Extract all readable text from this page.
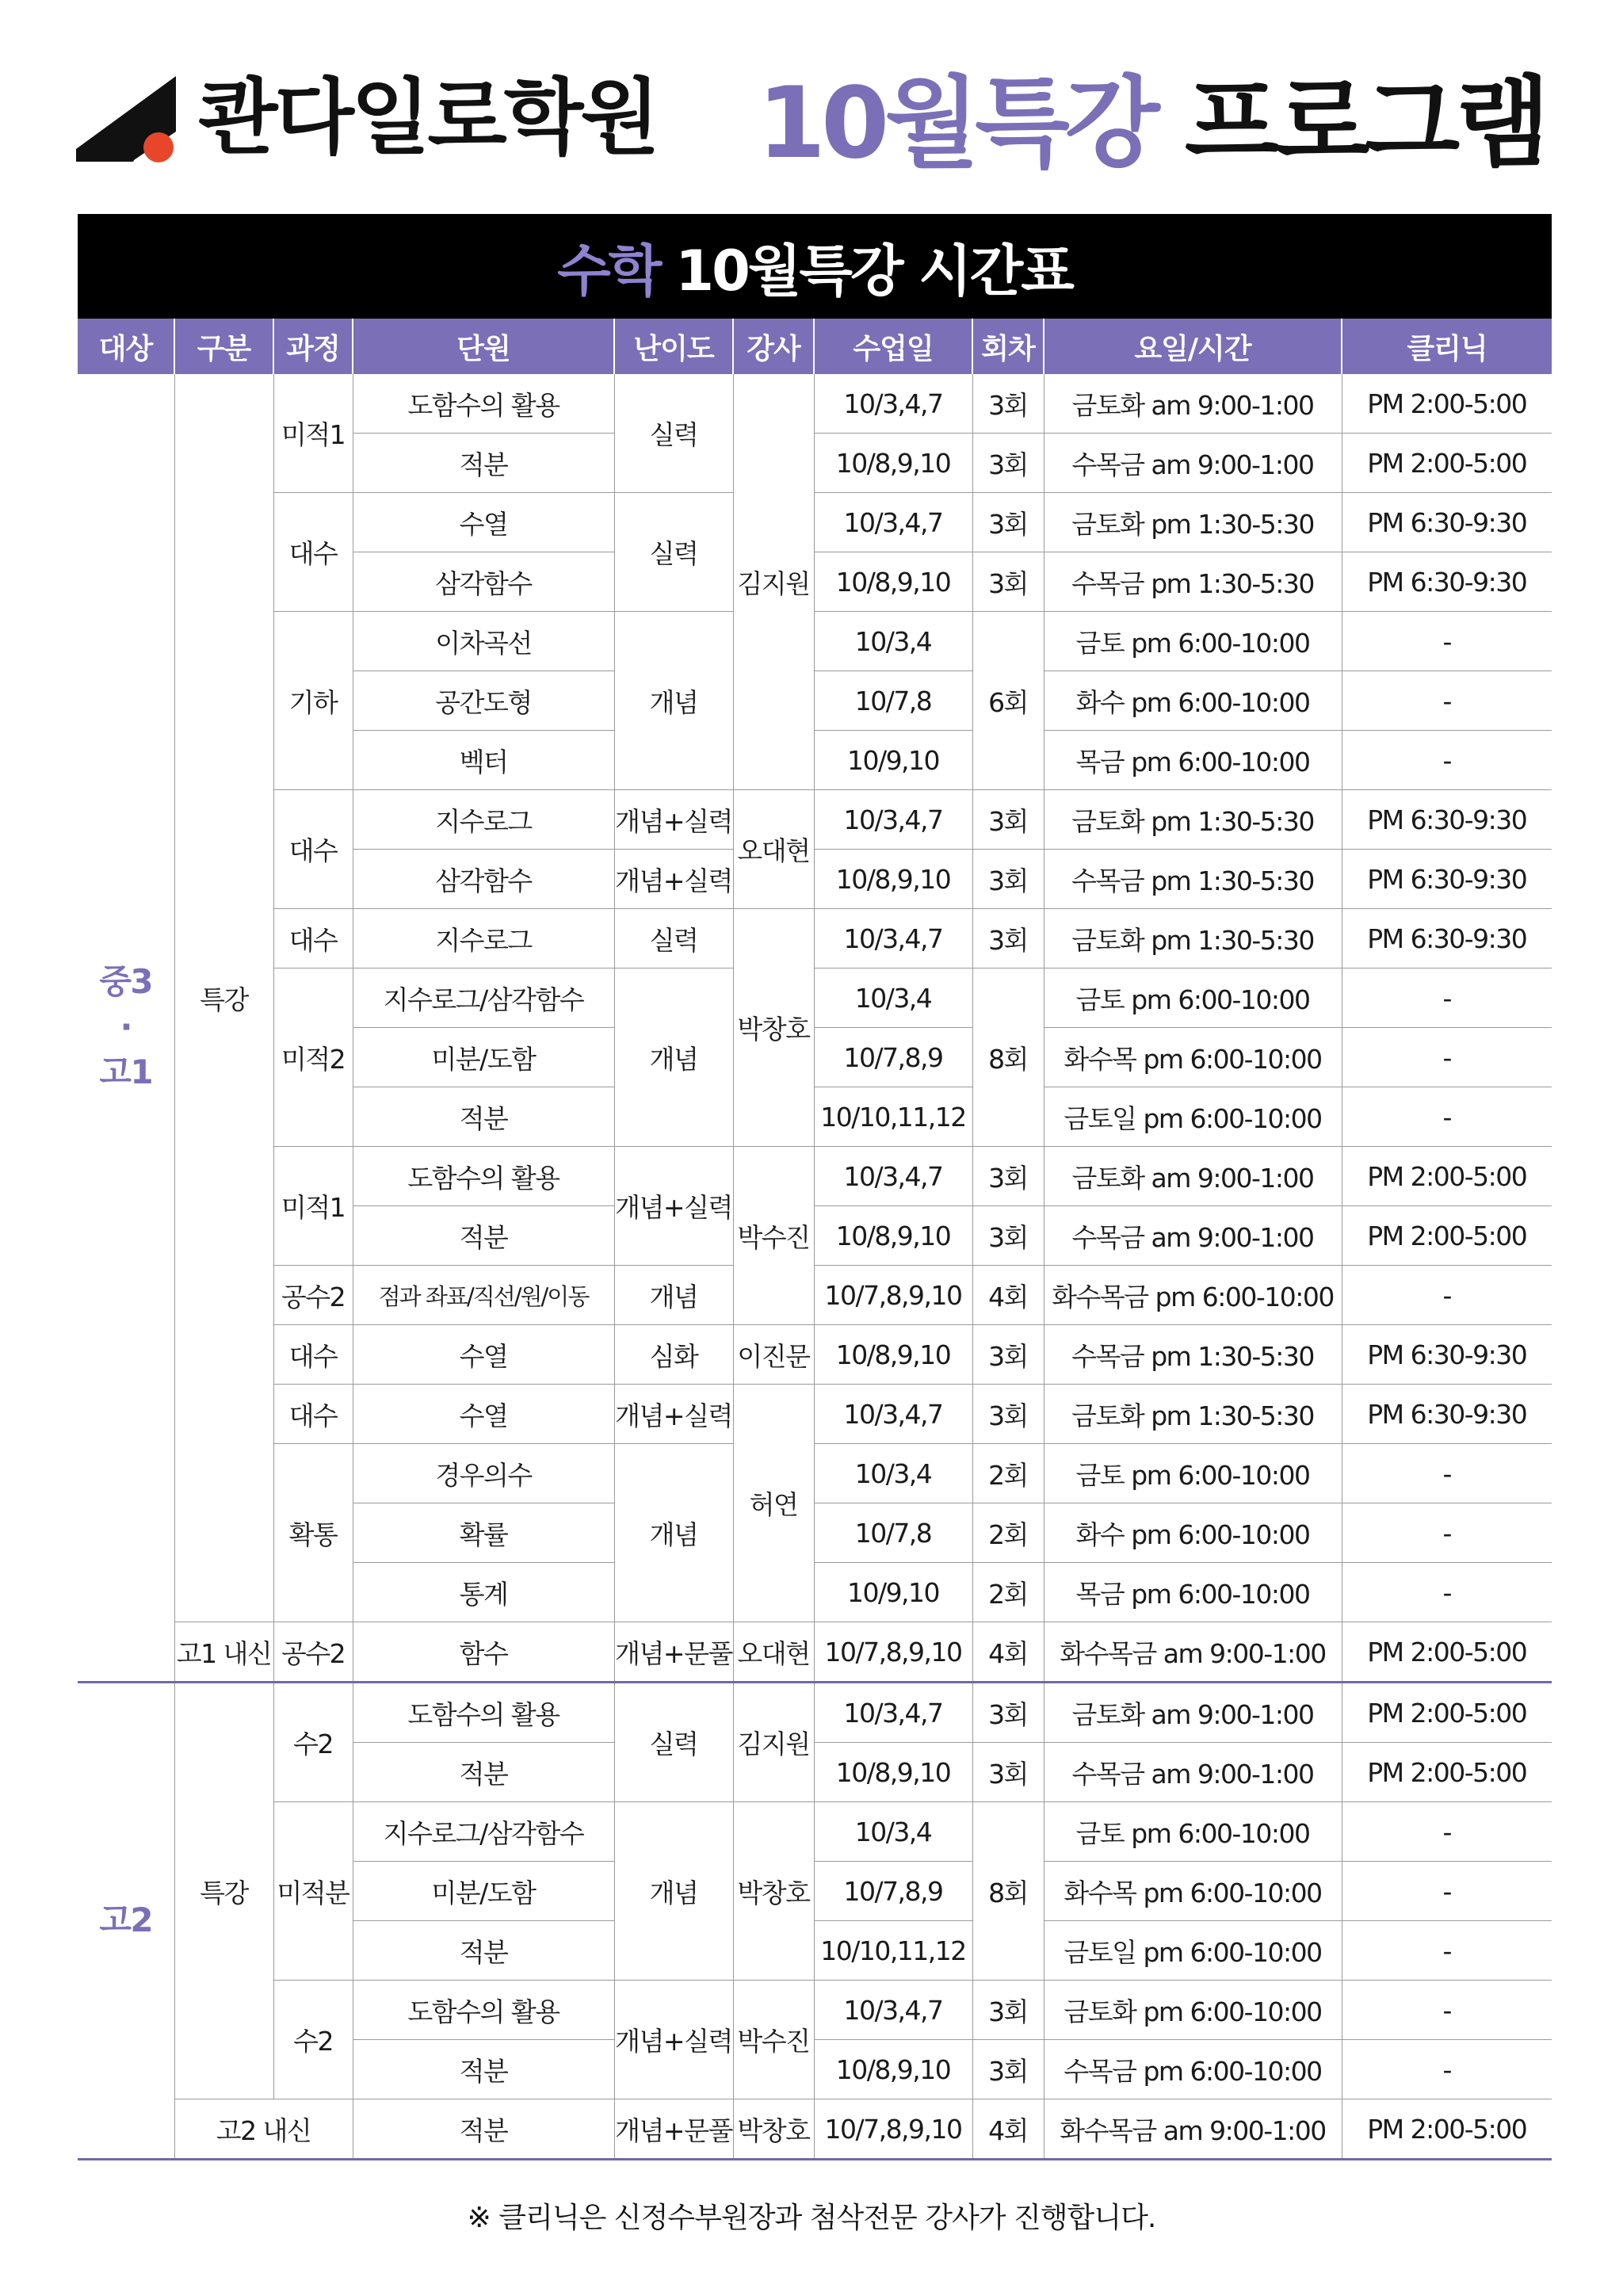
콴다일로학원 10월특강 프로그램
수학 10월특강 시간표
대상	구분	과정	단원	난이도	강사	수업일	회차	요일/시간	클리닉
중3
·
고1	특강	미적1	도함수의 활용	실력	김지원	10/3,4,7	3회	금토화 am 9:00-1:00	PM 2:00-5:00
			적분			10/8,9,10	3회	수목금 am 9:00-1:00	PM 2:00-5:00
		대수	수열	실력		10/3,4,7	3회	금토화 pm 1:30-5:30	PM 6:30-9:30
			삼각함수			10/8,9,10	3회	수목금 pm 1:30-5:30	PM 6:30-9:30
		기하	이차곡선	개념		10/3,4	6회	금토 pm 6:00-10:00	-
			공간도형			10/7,8		화수 pm 6:00-10:00	-
			벡터			10/9,10		목금 pm 6:00-10:00	-
		대수	지수로그	개념+실력	오대현	10/3,4,7	3회	금토화 pm 1:30-5:30	PM 6:30-9:30
			삼각함수	개념+실력		10/8,9,10	3회	수목금 pm 1:30-5:30	PM 6:30-9:30
		대수	지수로그	실력	박창호	10/3,4,7	3회	금토화 pm 1:30-5:30	PM 6:30-9:30
		미적2	지수로그/삼각함수	개념		10/3,4	8회	금토 pm 6:00-10:00	-
			미분/도함			10/7,8,9		화수목 pm 6:00-10:00	-
			적분			10/10,11,12		금토일 pm 6:00-10:00	-
		미적1	도함수의 활용	개념+실력	박수진	10/3,4,7	3회	금토화 am 9:00-1:00	PM 2:00-5:00
			적분			10/8,9,10	3회	수목금 am 9:00-1:00	PM 2:00-5:00
		공수2	점과 좌표/직선/원/이동	개념		10/7,8,9,10	4회	화수목금 pm 6:00-10:00	-
		대수	수열	심화	이진문	10/8,9,10	3회	수목금 pm 1:30-5:30	PM 6:30-9:30
		대수	수열	개념+실력	허연	10/3,4,7	3회	금토화 pm 1:30-5:30	PM 6:30-9:30
		확통	경우의수	개념		10/3,4	2회	금토 pm 6:00-10:00	-
			확률			10/7,8	2회	화수 pm 6:00-10:00	-
			통계			10/9,10	2회	목금 pm 6:00-10:00	-
	고1 내신	공수2	함수	개념+문풀	오대현	10/7,8,9,10	4회	화수목금 am 9:00-1:00	PM 2:00-5:00
고2	특강	수2	도함수의 활용	실력	김지원	10/3,4,7	3회	금토화 am 9:00-1:00	PM 2:00-5:00
			적분			10/8,9,10	3회	수목금 am 9:00-1:00	PM 2:00-5:00
		미적분	지수로그/삼각함수	개념	박창호	10/3,4	8회	금토 pm 6:00-10:00	-
			미분/도함			10/7,8,9		화수목 pm 6:00-10:00	-
			적분			10/10,11,12		금토일 pm 6:00-10:00	-
		수2	도함수의 활용	개념+실력	박수진	10/3,4,7	3회	금토화 pm 6:00-10:00	-
			적분			10/8,9,10	3회	수목금 pm 6:00-10:00	-
	고2 내신		적분	개념+문풀	박창호	10/7,8,9,10	4회	화수목금 am 9:00-1:00	PM 2:00-5:00
※ 클리닉은 신정수부원장과 첨삭전문 강사가 진행합니다.
